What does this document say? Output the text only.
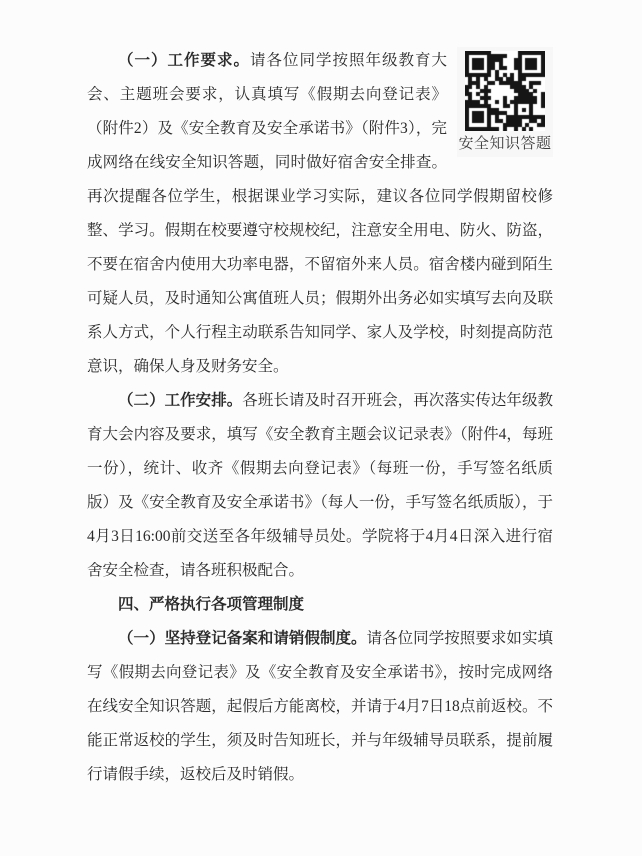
安全知识答题

（一）工作要求。请各位同学按照年级教育大会、主题班会要求，认真填写《假期去向登记表》（附件2）及《安全教育及安全承诺书》（附件3），完成网络在线安全知识答题，同时做好宿舍安全排查。再次提醒各位学生，根据课业学习实际，建议各位同学假期留校修整、学习。假期在校要遵守校规校纪，注意安全用电、防火、防盗，不要在宿舍内使用大功率电器，不留宿外来人员。宿舍楼内碰到陌生可疑人员，及时通知公寓值班人员；假期外出务必如实填写去向及联系人方式，个人行程主动联系告知同学、家人及学校，时刻提高防范意识，确保人身及财务安全。

（二）工作安排。各班长请及时召开班会，再次落实传达年级教育大会内容及要求，填写《安全教育主题会议记录表》（附件4，每班一份），统计、收齐《假期去向登记表》（每班一份，手写签名纸质版）及《安全教育及安全承诺书》（每人一份，手写签名纸质版），于4月3日16:00前交送至各年级辅导员处。学院将于4月4日深入进行宿舍安全检查，请各班积极配合。

四、严格执行各项管理制度

（一）坚持登记备案和请销假制度。请各位同学按照要求如实填写《假期去向登记表》及《安全教育及安全承诺书》，按时完成网络在线安全知识答题，起假后方能离校，并请于4月7日18点前返校。不能正常返校的学生，须及时告知班长，并与年级辅导员联系，提前履行请假手续，返校后及时销假。
